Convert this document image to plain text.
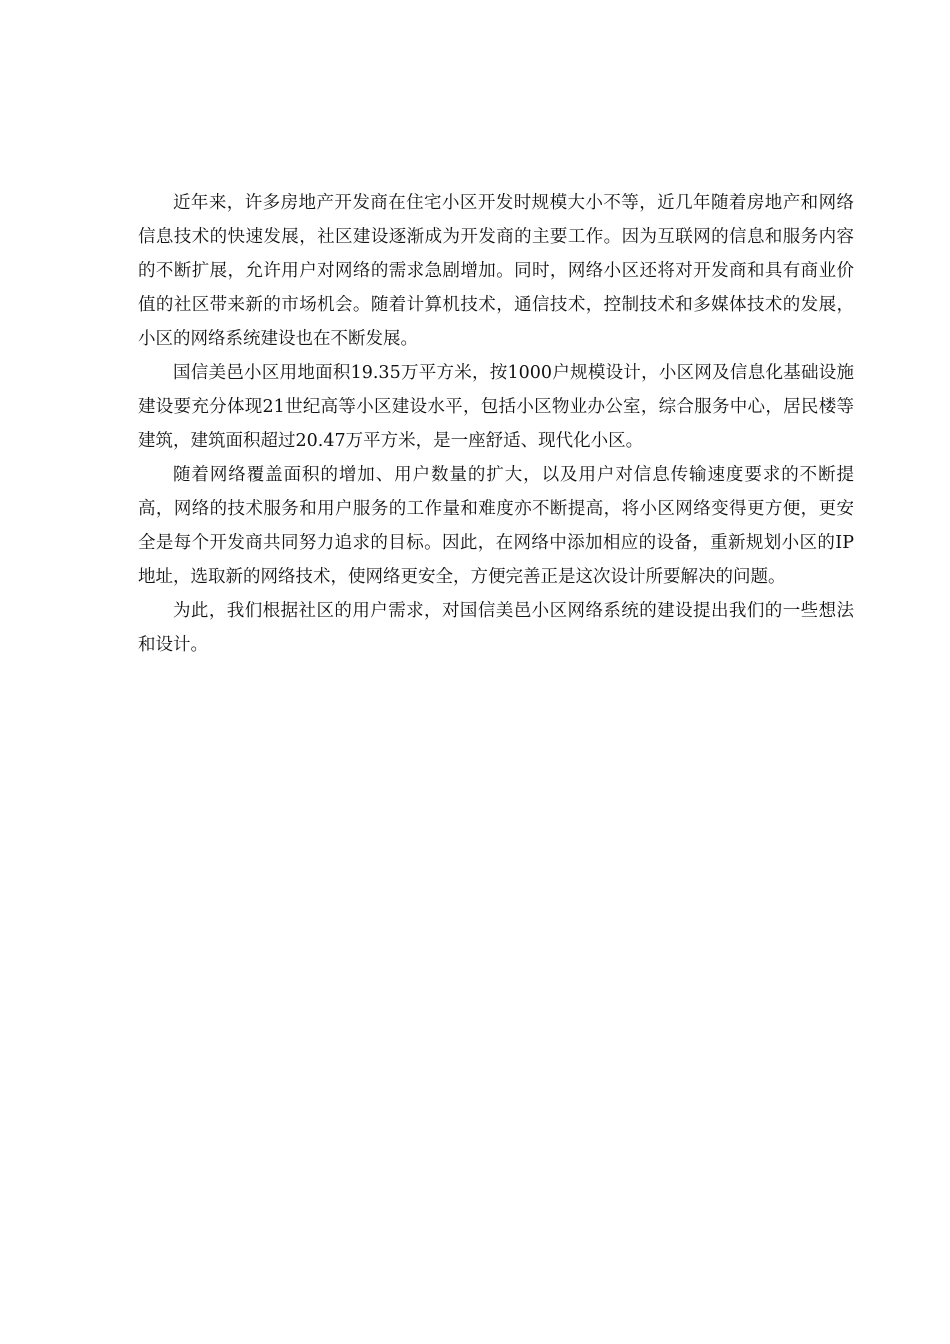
近年来，许多房地产开发商在住宅小区开发时规模大小不等，近几年随着房地产和网络信息技术的快速发展，社区建设逐渐成为开发商的主要工作。因为互联网的信息和服务内容的不断扩展，允许用户对网络的需求急剧增加。同时，网络小区还将对开发商和具有商业价值的社区带来新的市场机会。随着计算机技术，通信技术，控制技术和多媒体技术的发展，小区的网络系统建设也在不断发展。

国信美邑小区用地面积19.35万平方米，按1000户规模设计，小区网及信息化基础设施建设要充分体现21世纪高等小区建设水平，包括小区物业办公室，综合服务中心，居民楼等建筑，建筑面积超过20.47万平方米，是一座舒适、现代化小区。

随着网络覆盖面积的增加、用户数量的扩大，以及用户对信息传输速度要求的不断提高，网络的技术服务和用户服务的工作量和难度亦不断提高，将小区网络变得更方便，更安全是每个开发商共同努力追求的目标。因此，在网络中添加相应的设备，重新规划小区的IP地址，选取新的网络技术，使网络更安全，方便完善正是这次设计所要解决的问题。

为此，我们根据社区的用户需求，对国信美邑小区网络系统的建设提出我们的一些想法和设计。
